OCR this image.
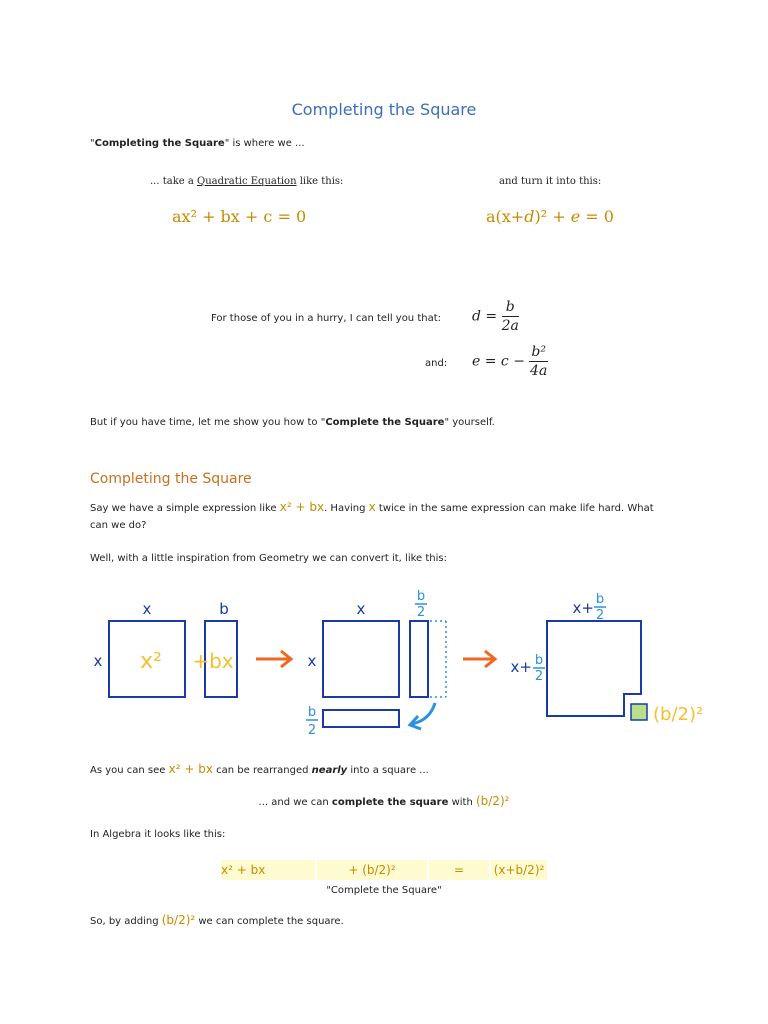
Completing the Square
"Completing the Square" is where we ...
... take a Quadratic Equation like this:	and turn it into this:
ax² + bx + c = 0	a(x+d)² + e = 0
For those of you in a hurry, I can tell you that: $d = \frac{b}{2a}$
and: $e = c - \frac{\text{b²}}{4a}$
But if you have time, let me show you how to "Complete the Square" yourself.
Completing the Square
Say we have a simple expression like x² + bx. Having x twice in the same expression can make life hard. What
can we do?
Well, with a little inspiration from Geometry we can convert it, like this:
x	b
x x² +bx
x
b
2
x
b
2
x+ b
2
x+ b
2
(b/2)²
As you can see x² + bx can be rearranged nearly into a square ...
... and we can complete the square with (b/2)²
In Algebra it looks like this:
x² + bx	+ (b/2)²	=	(x+b/2)²
"Complete the Square"
So, by adding (b/2)² we can complete the square.
